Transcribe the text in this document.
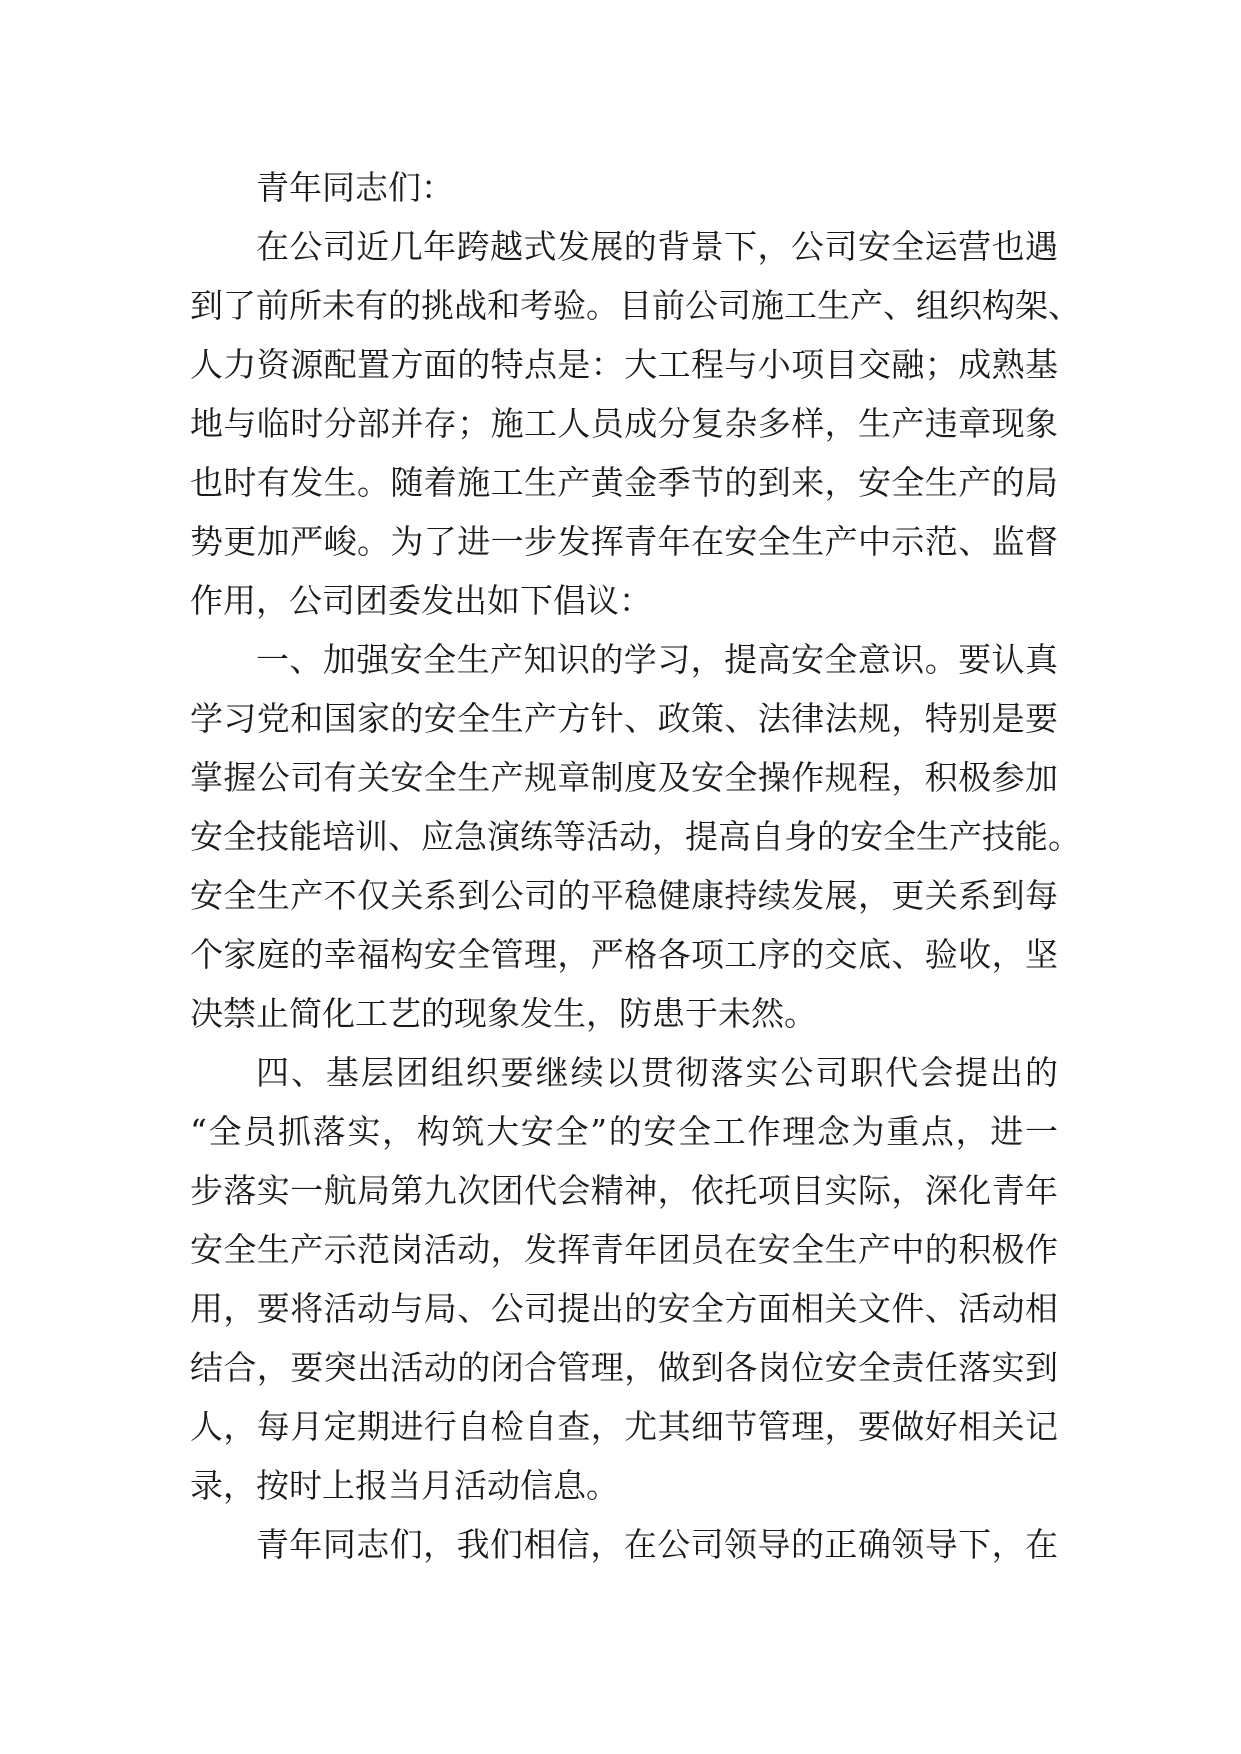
青年同志们：
在公司近几年跨越式发展的背景下，公司安全运营也遇
到了前所未有的挑战和考验。目前公司施工生产、组织构架、
人力资源配置方面的特点是：大工程与小项目交融；成熟基
地与临时分部并存；施工人员成分复杂多样，生产违章现象
也时有发生。随着施工生产黄金季节的到来，安全生产的局
势更加严峻。为了进一步发挥青年在安全生产中示范、监督
作用，公司团委发出如下倡议：
一、加强安全生产知识的学习，提高安全意识。要认真
学习党和国家的安全生产方针、政策、法律法规，特别是要
掌握公司有关安全生产规章制度及安全操作规程，积极参加
安全技能培训、应急演练等活动，提高自身的安全生产技能。
安全生产不仅关系到公司的平稳健康持续发展，更关系到每
个家庭的幸福构安全管理，严格各项工序的交底、验收，坚
决禁止简化工艺的现象发生，防患于未然。
四、基层团组织要继续以贯彻落实公司职代会提出的
“全员抓落实，构筑大安全”的安全工作理念为重点，进一
步落实一航局第九次团代会精神，依托项目实际，深化青年
安全生产示范岗活动，发挥青年团员在安全生产中的积极作
用，要将活动与局、公司提出的安全方面相关文件、活动相
结合，要突出活动的闭合管理，做到各岗位安全责任落实到
人，每月定期进行自检自查，尤其细节管理，要做好相关记
录，按时上报当月活动信息。
青年同志们，我们相信，在公司领导的正确领导下，在
